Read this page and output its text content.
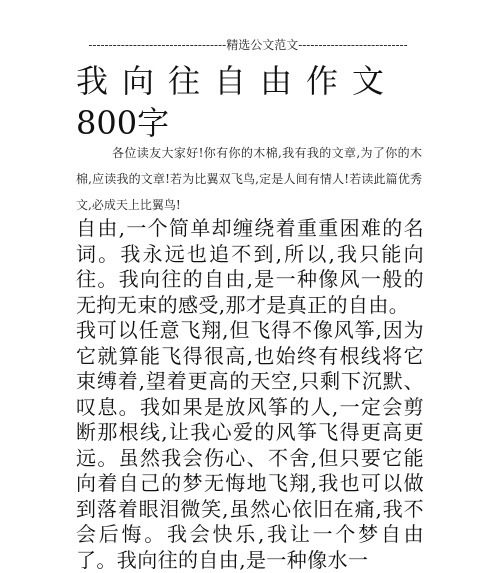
----------------------------------精选公文范文---------------------------
我向往自由作文
800字
各位读友大家好!你有你的木棉,我有我的文章,为了你的木棉,应读我的文章!若为比翼双飞鸟,定是人间有情人!若读此篇优秀文,必成天上比翼鸟!

自由,一个简单却缠绕着重重困难的名词。我永远也追不到,所以,我只能向往。我向往的自由,是一种像风一般的无拘无束的感受,那才是真正的自由。

我可以任意飞翔,但飞得不像风筝,因为它就算能飞得很高,也始终有根线将它束缚着,望着更高的天空,只剩下沉默、叹息。我如果是放风筝的人,一定会剪断那根线,让我心爱的风筝飞得更高更远。虽然我会伤心、不舍,但只要它能向着自己的梦无悔地飞翔,我也可以做到落着眼泪微笑,虽然心依旧在痛,我不会后悔。我会快乐,我让一个梦自由了。我向往的自由,是一种像水一
